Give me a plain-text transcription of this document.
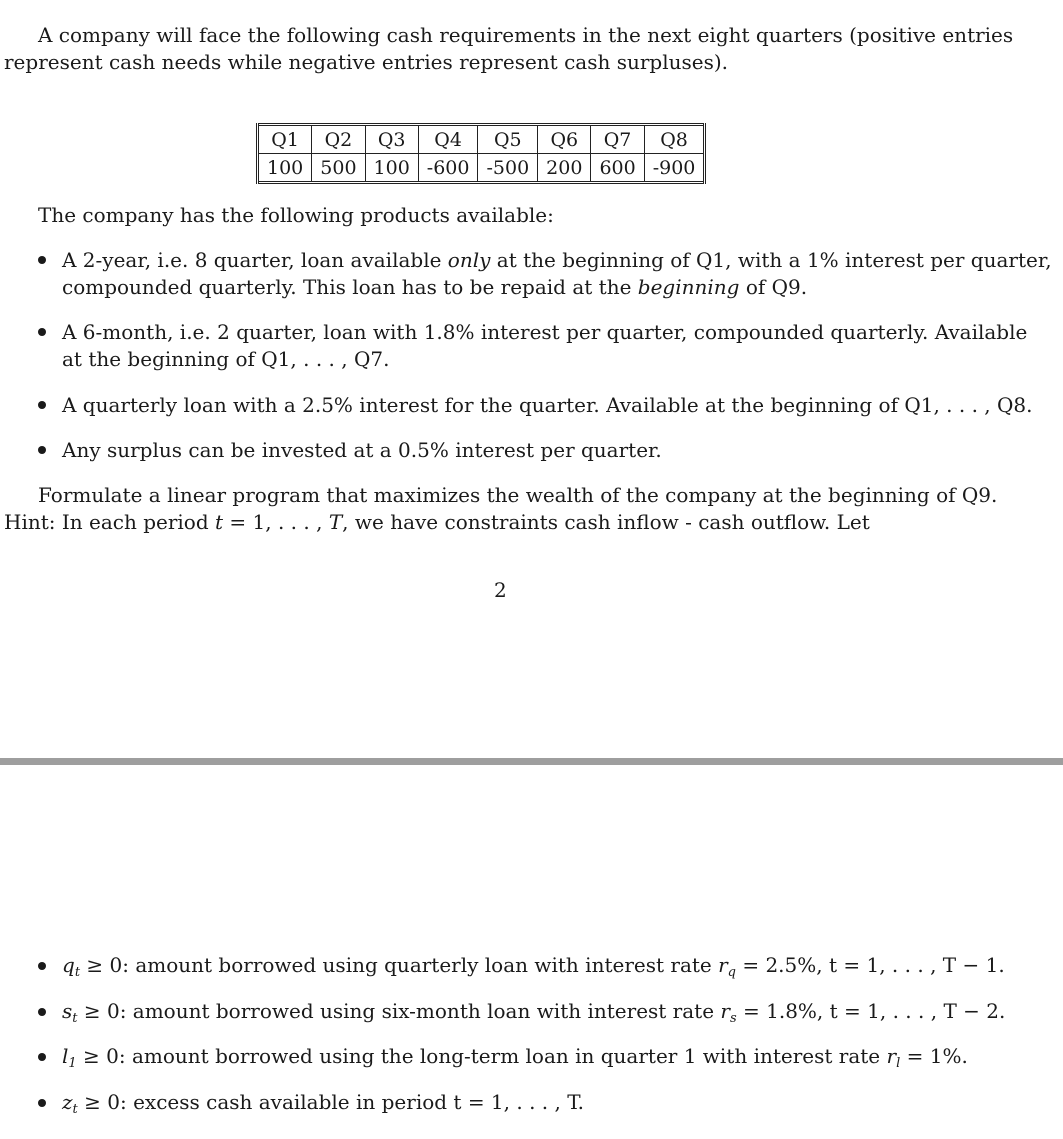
A company will face the following cash requirements in the next eight quarters (positive entries
represent cash needs while negative entries represent cash surpluses).
Q1	Q2	Q3	Q4	Q5	Q6	Q7	Q8
100	500	100	-600	-500	200	600	-900
The company has the following products available:
A 2-year, i.e. 8 quarter, loan available only at the beginning of Q1, with a 1% interest per quarter,
compounded quarterly. This loan has to be repaid at the beginning of Q9.
A 6-month, i.e. 2 quarter, loan with 1.8% interest per quarter, compounded quarterly. Available
at the beginning of Q1, . . . , Q7.
A quarterly loan with a 2.5% interest for the quarter. Available at the beginning of Q1, . . . , Q8.
Any surplus can be invested at a 0.5% interest per quarter.
Formulate a linear program that maximizes the wealth of the company at the beginning of Q9.
Hint: In each period t = 1, . . . , T, we have constraints cash inflow - cash outflow. Let
2
$q_t \ge 0$: amount borrowed using quarterly loan with interest rate $r_q = 2.5\%$, t = 1, . . . , T − 1.
$s_t \ge 0$: amount borrowed using six-month loan with interest rate $r_s = 1.8\%$, t = 1, . . . , T − 2.
$l_1 \ge 0$: amount borrowed using the long-term loan in quarter 1 with interest rate $r_l = 1\%$.
$z_t \ge 0$: excess cash available in period t = 1, . . . , T.
